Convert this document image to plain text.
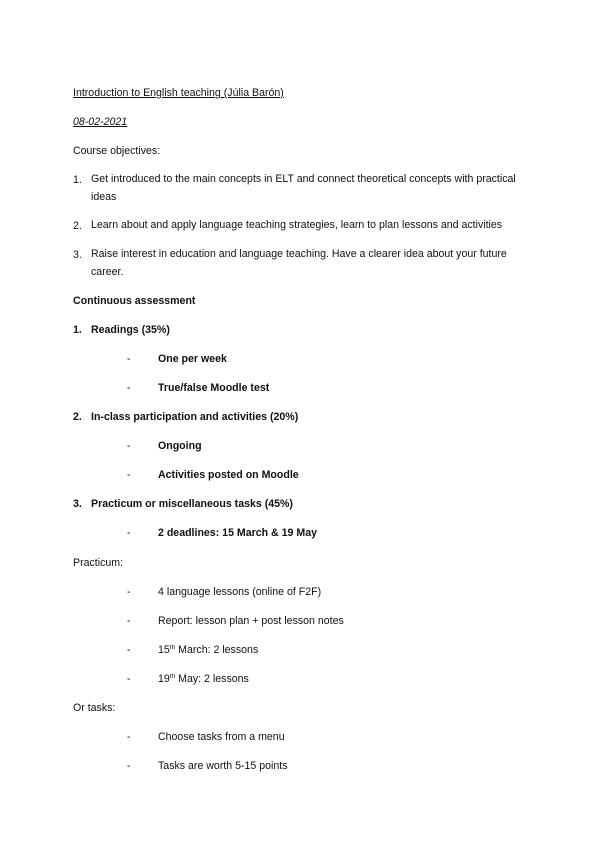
Introduction to English teaching (Júlia Barón)
08-02-2021
Course objectives:
1. Get introduced to the main concepts in ELT and connect theoretical concepts with practical ideas
2. Learn about and apply language teaching strategies, learn to plan lessons and activities
3. Raise interest in education and language teaching. Have a clearer idea about your future career.
Continuous assessment
1. Readings (35%)
-	One per week
-	True/false Moodle test
2. In-class participation and activities (20%)
-	Ongoing
-	Activities posted on Moodle
3. Practicum or miscellaneous tasks (45%)
-	2 deadlines: 15 March & 19 May
Practicum:
-	4 language lessons (online of F2F)
-	Report: lesson plan + post lesson notes
-	15th March: 2 lessons
-	19th May: 2 lessons
Or tasks:
-	Choose tasks from a menu
-	Tasks are worth 5-15 points
